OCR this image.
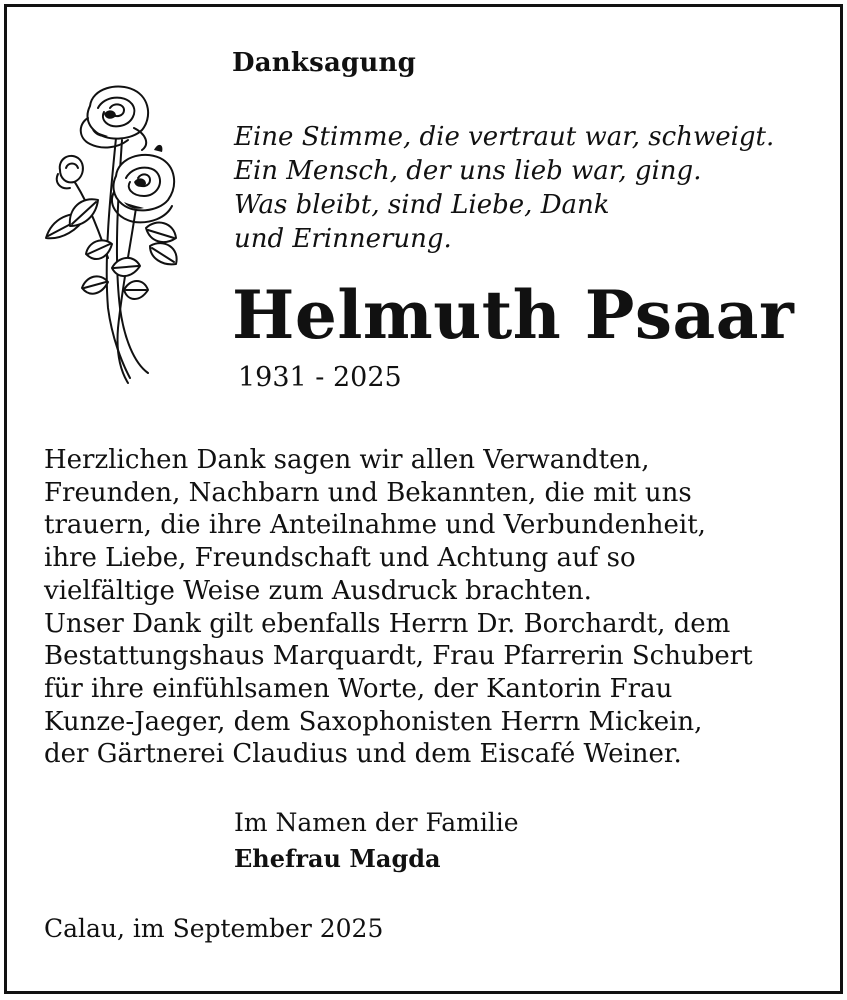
Danksagung
Eine Stimme, die vertraut war, schweigt.
Ein Mensch, der uns lieb war, ging.
Was bleibt, sind Liebe, Dank
und Erinnerung.
Helmuth Psaar
1931 - 2025
Herzlichen Dank sagen wir allen Verwandten,
Freunden, Nachbarn und Bekannten, die mit uns
trauern, die ihre Anteilnahme und Verbundenheit,
ihre Liebe, Freundschaft und Achtung auf so
vielfältige Weise zum Ausdruck brachten.
Unser Dank gilt ebenfalls Herrn Dr. Borchardt, dem
Bestattungshaus Marquardt, Frau Pfarrerin Schubert
für ihre einfühlsamen Worte, der Kantorin Frau
Kunze-Jaeger, dem Saxophonisten Herrn Mickein,
der Gärtnerei Claudius und dem Eiscafé Weiner.
Im Namen der Familie
Ehefrau Magda
Calau, im September 2025
